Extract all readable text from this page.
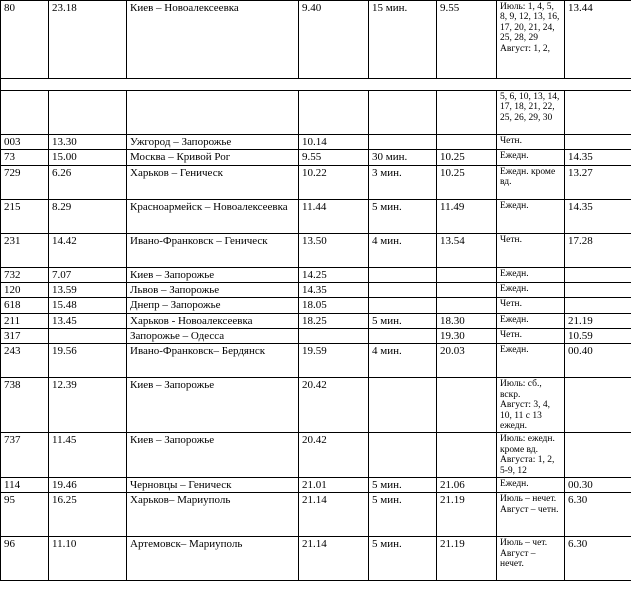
80	23.18	Киев – Новоалексеевка	9.40	15 мин.	9.55	Июль: 1, 4, 5, 8, 9, 12, 13, 16, 17, 20, 21, 24, 25, 28, 29
Август: 1, 2,	13.44

						5, 6, 10, 13, 14, 17, 18, 21, 22, 25, 26, 29, 30	
003	13.30	Ужгород – Запорожье	10.14			Четн.	
73	15.00	Москва – Кривой Рог	9.55	30 мин.	10.25	Ежедн.	14.35
729	6.26	Харьков – Геническ	10.22	3 мин.	10.25	Ежедн. кроме вд.	13.27
215	8.29	Красноармейск – Новоалексеевка	11.44	5 мин.	11.49	Ежедн.	14.35
231	14.42	Ивано-Франковск – Геническ	13.50	4 мин.	13.54	Четн.	17.28
732	7.07	Киев – Запорожье	14.25			Ежедн.	
120	13.59	Львов – Запорожье	14.35			Ежедн.	
618	15.48	Днепр – Запорожье	18.05			Четн.	
211	13.45	Харьков - Новоалексеевка	18.25	5 мин.	18.30	Ежедн.	21.19
317		Запорожье – Одесса			19.30	Четн.	10.59
243	19.56	Ивано-Франковск– Бердянск	19.59	4 мин.	20.03	Ежедн.	00.40
738	12.39	Киев – Запорожье	20.42			Июль: сб., вскр.
Август: 3, 4, 10, 11 с 13 ежедн.	
737	11.45	Киев – Запорожье	20.42			Июль: ежедн. кроме вд.
Августа: 1, 2, 5-9, 12	
114	19.46	Черновцы – Геническ	21.01	5 мин.	21.06	Ежедн.	00.30
95	16.25	Харьков– Мариуполь	21.14	5 мин.	21.19	Июль – нечет.
Август – четн.	6.30
96	11.10	Артемовск– Мариуполь	21.14	5 мин.	21.19	Июль – чет.
Август – нечет.	6.30
